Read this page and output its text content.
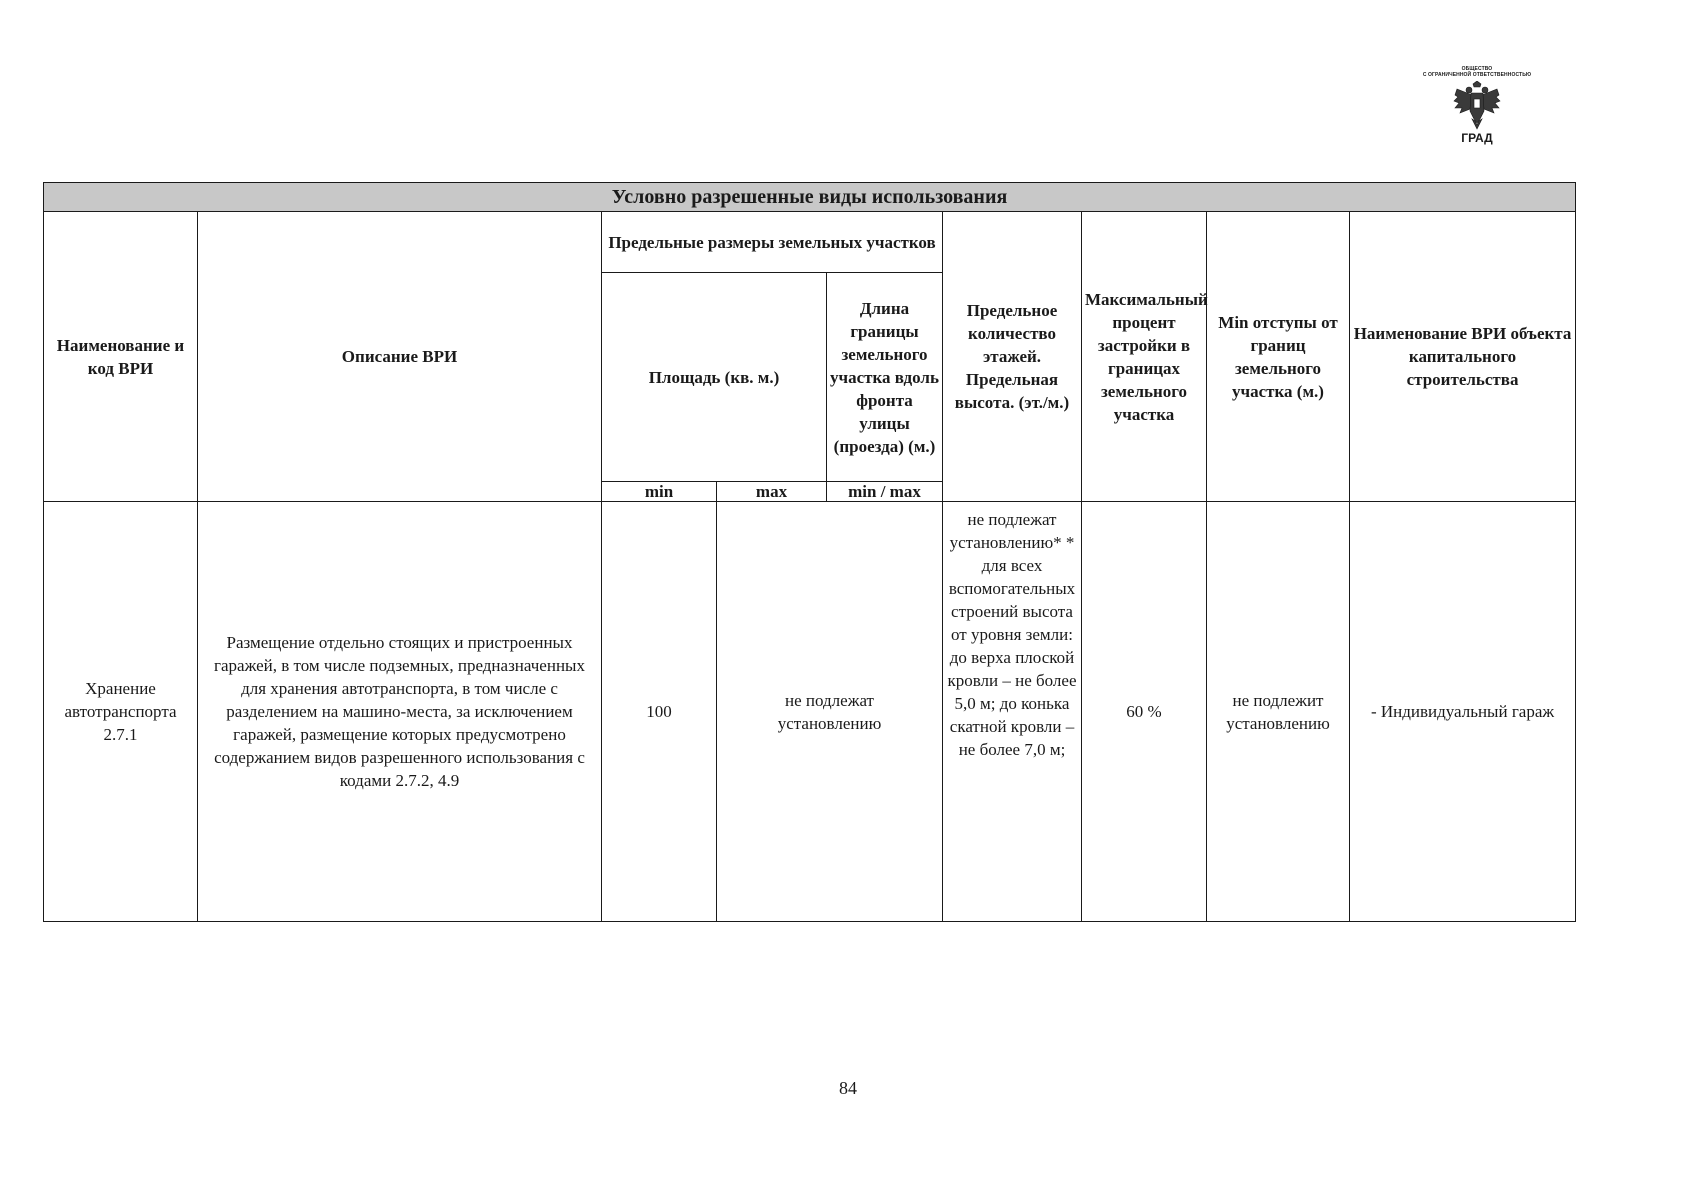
ОБЩЕСТВО
С ОГРАНИЧЕННОЙ ОТВЕТСТВЕННОСТЬЮ
ГРАД
Условно разрешенные виды использования								
Наименование и код ВРИ	Описание ВРИ	Предельные размеры земельных участков			Предельное количество этажей. Предельная высота. (эт./м.)	Максимальный процент застройки в границах земельного участка	Min отступы от границ земельного участка (м.)	Наименование ВРИ объекта капитального строительства
		Площадь (кв. м.)		Длина границы земельного участка вдоль фронта улицы (проезда) (м.)				
		min	max	min / max				
Хранение автотранспорта 2.7.1	Размещение отдельно стоящих и пристроенных гаражей, в том числе подземных, предназначенных для хранения автотранспорта, в том числе с разделением на машино-места, за исключением гаражей, размещение которых предусмотрено содержанием видов разрешенного использования с кодами 2.7.2, 4.9	100	не подлежат установлению		не подлежат установлению* * для всех вспомогательных строений высота от уровня земли: до верха плоской кровли – не более 5,0 м; до конька скатной кровли – не более 7,0 м;	60 %	не подлежит установлению	- Индивидуальный гараж
84
